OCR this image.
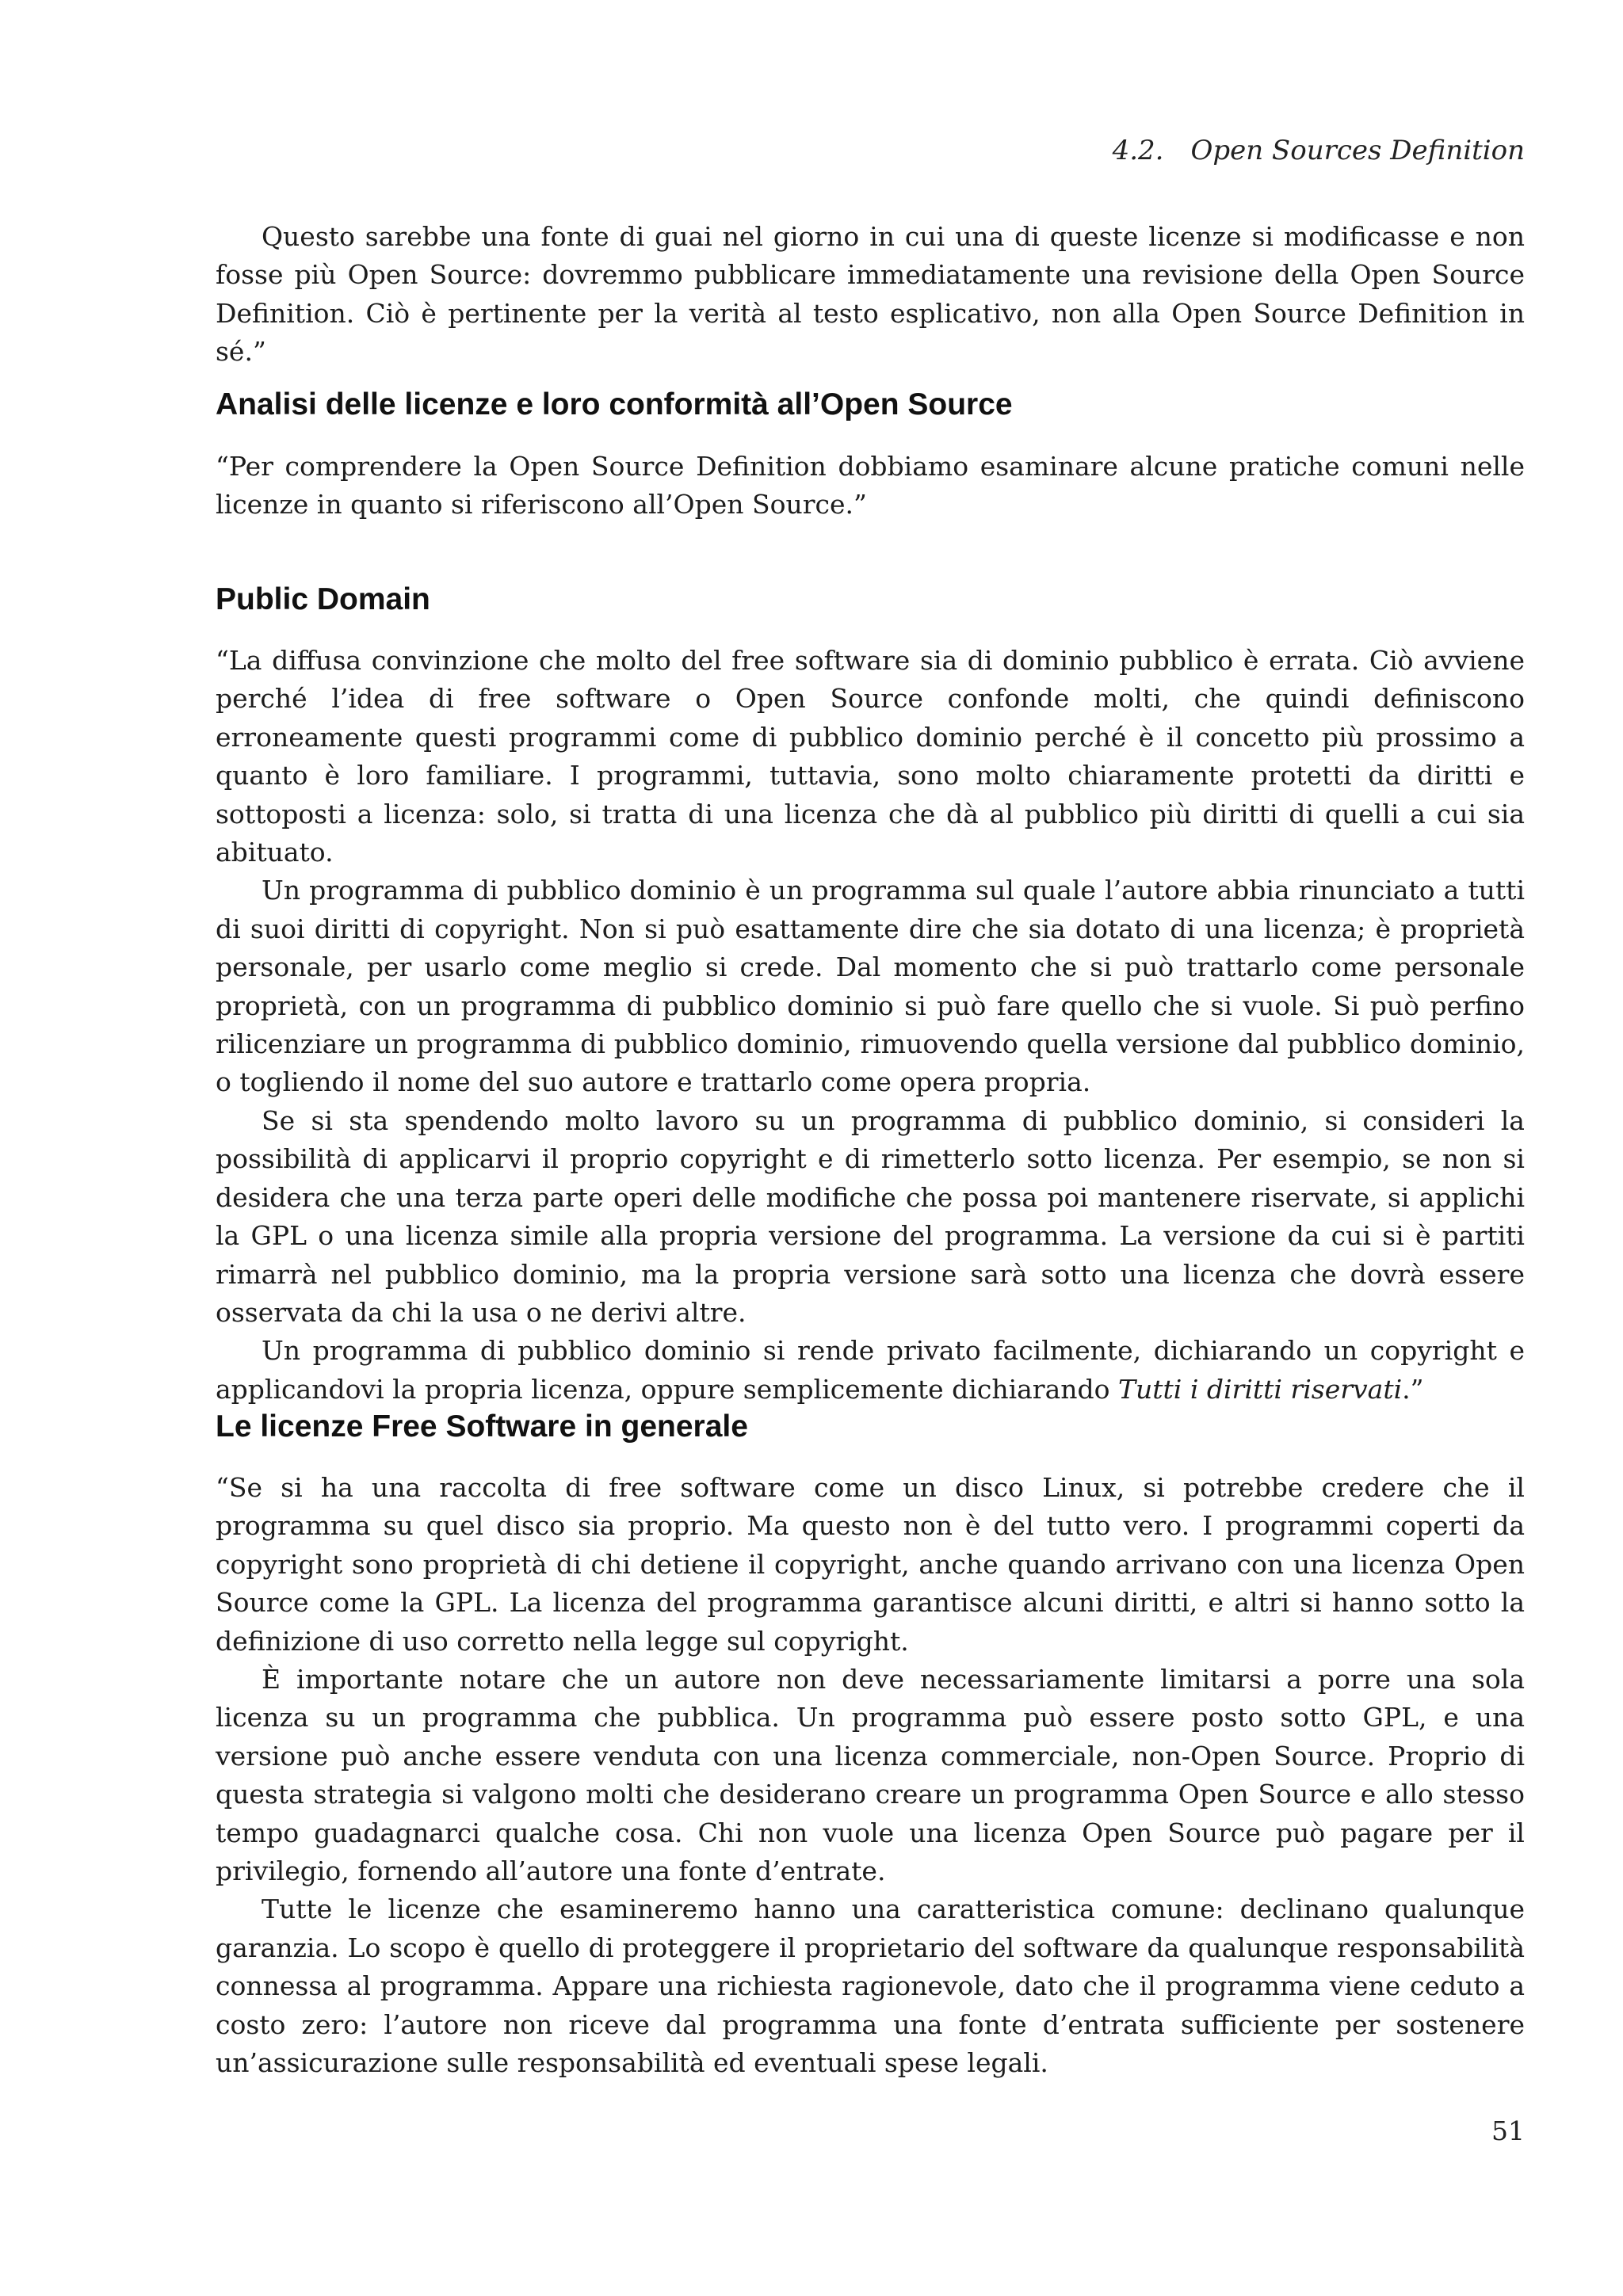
4.2. Open Sources Definition

Questo sarebbe una fonte di guai nel giorno in cui una di queste licenze si modificasse e non fosse più Open Source: dovremmo pubblicare immediatamente una revisione della Open Source Definition. Ciò è pertinente per la verità al testo esplicativo, non alla Open Source Definition in sé.”

Analisi delle licenze e loro conformità all’Open Source

“Per comprendere la Open Source Definition dobbiamo esaminare alcune pratiche comuni nelle licenze in quanto si riferiscono all’Open Source.”

Public Domain

“La diffusa convinzione che molto del free software sia di dominio pubblico è errata. Ciò avviene perché l’idea di free software o Open Source confonde molti, che quindi definiscono erroneamente questi programmi come di pubblico dominio perché è il concetto più prossimo a quanto è loro familiare. I programmi, tuttavia, sono molto chiaramente protetti da diritti e sottoposti a licenza: solo, si tratta di una licenza che dà al pubblico più diritti di quelli a cui sia abituato.

Un programma di pubblico dominio è un programma sul quale l’autore abbia rinunciato a tutti di suoi diritti di copyright. Non si può esattamente dire che sia dotato di una licenza; è proprietà personale, per usarlo come meglio si crede. Dal momento che si può trattarlo come personale proprietà, con un programma di pubblico dominio si può fare quello che si vuole. Si può perfino rilicenziare un programma di pubblico dominio, rimuovendo quella versione dal pubblico dominio, o togliendo il nome del suo autore e trattarlo come opera propria.

Se si sta spendendo molto lavoro su un programma di pubblico dominio, si consideri la possibilità di applicarvi il proprio copyright e di rimetterlo sotto licenza. Per esempio, se non si desidera che una terza parte operi delle modifiche che possa poi mantenere riservate, si applichi la GPL o una licenza simile alla propria versione del programma. La versione da cui si è partiti rimarrà nel pubblico dominio, ma la propria versione sarà sotto una licenza che dovrà essere osservata da chi la usa o ne derivi altre.

Un programma di pubblico dominio si rende privato facilmente, dichiarando un copyright e applicandovi la propria licenza, oppure semplicemente dichiarando Tutti i diritti riservati.”

Le licenze Free Software in generale

“Se si ha una raccolta di free software come un disco Linux, si potrebbe credere che il programma su quel disco sia proprio. Ma questo non è del tutto vero. I programmi coperti da copyright sono proprietà di chi detiene il copyright, anche quando arrivano con una licenza Open Source come la GPL. La licenza del programma garantisce alcuni diritti, e altri si hanno sotto la definizione di uso corretto nella legge sul copyright.

È importante notare che un autore non deve necessariamente limitarsi a porre una sola licenza su un programma che pubblica. Un programma può essere posto sotto GPL, e una versione può anche essere venduta con una licenza commerciale, non-Open Source. Proprio di questa strategia si valgono molti che desiderano creare un programma Open Source e allo stesso tempo guadagnarci qualche cosa. Chi non vuole una licenza Open Source può pagare per il privilegio, fornendo all’autore una fonte d’entrate.

Tutte le licenze che esamineremo hanno una caratteristica comune: declinano qualunque garanzia. Lo scopo è quello di proteggere il proprietario del software da qualunque responsabilità connessa al programma. Appare una richiesta ragionevole, dato che il programma viene ceduto a costo zero: l’autore non riceve dal programma una fonte d’entrata sufficiente per sostenere un’assicurazione sulle responsabilità ed eventuali spese legali.

51
